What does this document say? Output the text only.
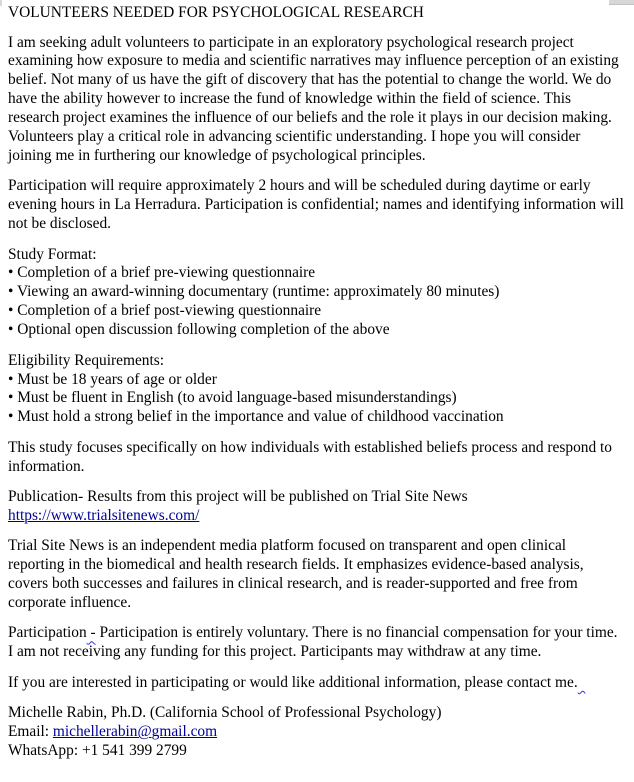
VOLUNTEERS NEEDED FOR PSYCHOLOGICAL RESEARCH
I am seeking adult volunteers to participate in an exploratory psychological research project
examining how exposure to media and scientific narratives may influence perception of an existing
belief. Not many of us have the gift of discovery that has the potential to change the world. We do
have the ability however to increase the fund of knowledge within the field of science. This
research project examines the influence of our beliefs and the role it plays in our decision making.
Volunteers play a critical role in advancing scientific understanding. I hope you will consider
joining me in furthering our knowledge of psychological principles.
Participation will require approximately 2 hours and will be scheduled during daytime or early
evening hours in La Herradura. Participation is confidential; names and identifying information will
not be disclosed.
Study Format:
• Completion of a brief pre-viewing questionnaire
• Viewing an award-winning documentary (runtime: approximately 80 minutes)
• Completion of a brief post-viewing questionnaire
• Optional open discussion following completion of the above
Eligibility Requirements:
• Must be 18 years of age or older
• Must be fluent in English (to avoid language-based misunderstandings)
• Must hold a strong belief in the importance and value of childhood vaccination
This study focuses specifically on how individuals with established beliefs process and respond to
information.
Publication- Results from this project will be published on Trial Site News
https://www.trialsitenews.com/
Trial Site News is an independent media platform focused on transparent and open clinical
reporting in the biomedical and health research fields. It emphasizes evidence-based analysis,
covers both successes and failures in clinical research, and is reader-supported and free from
corporate influence.
Participation - Participation is entirely voluntary. There is no financial compensation for your time.
I am not receiving any funding for this project. Participants may withdraw at any time.
If you are interested in participating or would like additional information, please contact me.
Michelle Rabin, Ph.D. (California School of Professional Psychology)
Email: michellerabin@gmail.com
WhatsApp: +1 541 399 2799
